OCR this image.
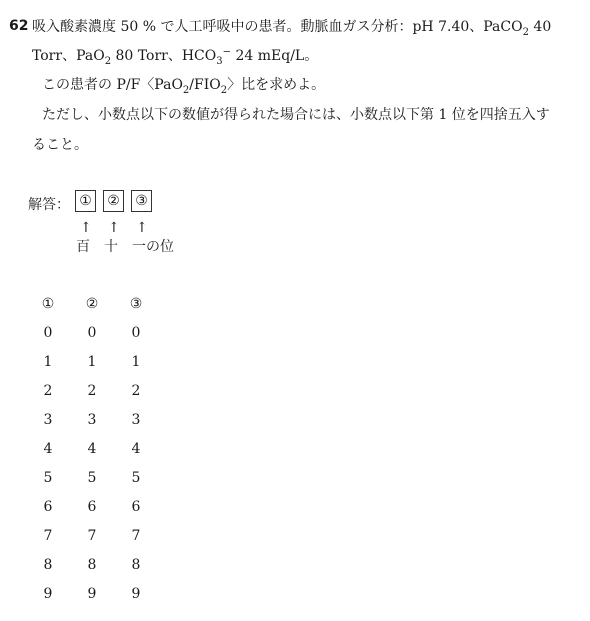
62 吸入酸素濃度 50 % で人工呼吸中の患者。動脈血ガス分析：pH 7.40、PaCO$_2$ 40
Torr、PaO$_2$ 80 Torr、$HCO_3^-$ 24 mEq/L。
この患者の P/F〈$PaO_2/FIO_2$〉比を求めよ。
ただし、小数点以下の数値が得られた場合には、小数点以下第 1 位を四捨五入す
ること。
解答： ①	②	③
↑ ↑ ↑
百 十 一の位
①
0
1
2
3
4
5
6
7
8
9
②
0
1
2
3
4
5
6
7
8
9
③
0
1
2
3
4
5
6
7
8
9
